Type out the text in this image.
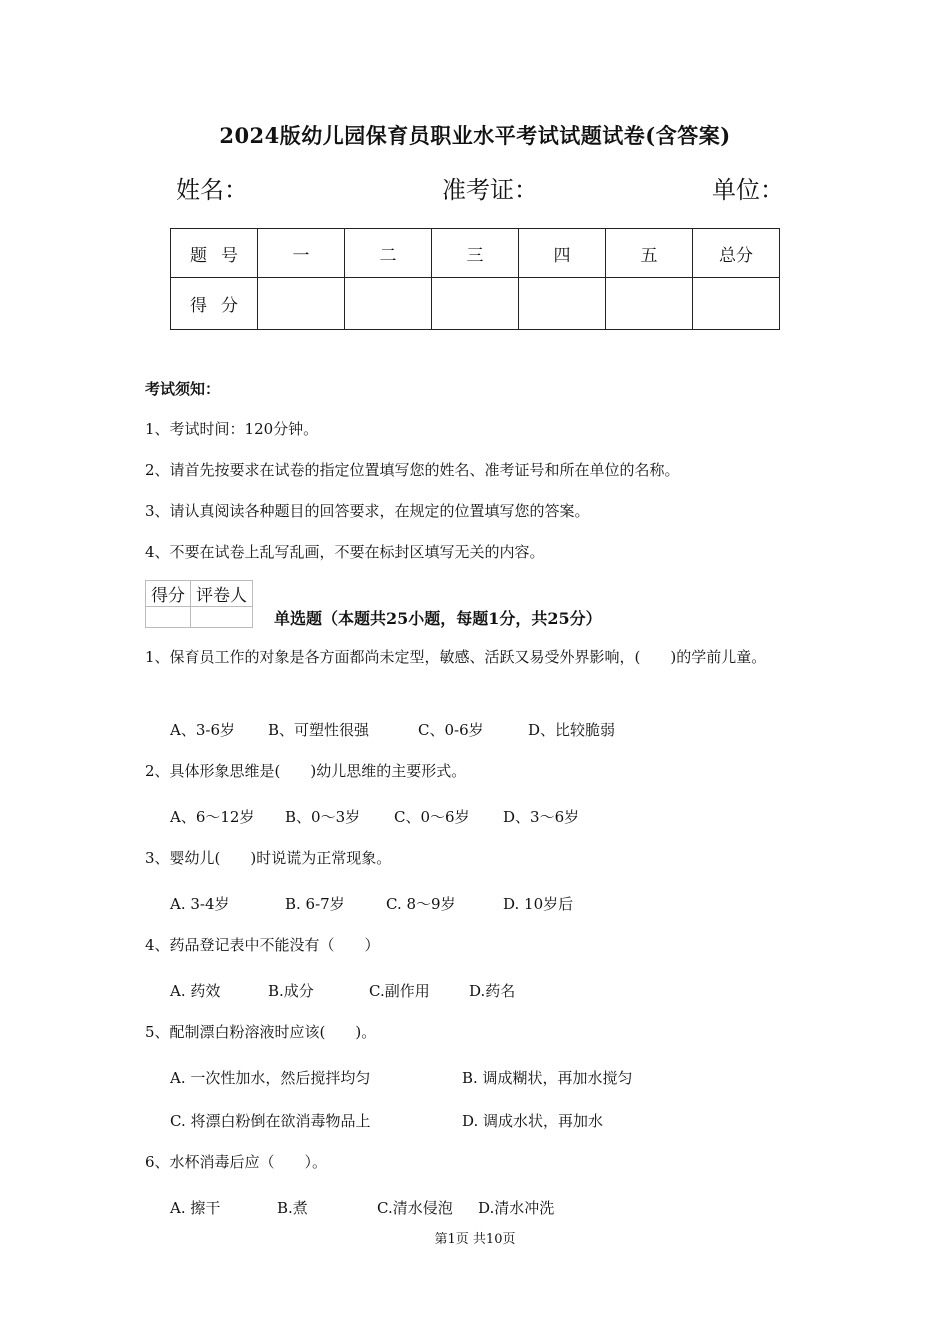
2024版幼儿园保育员职业水平考试试题试卷(含答案)
姓名：	准考证：	单位：
题号	一	二	三	四	五	总分
得分						
考试须知：
1、考试时间：120分钟。
2、请首先按要求在试卷的指定位置填写您的姓名、准考证号和所在单位的名称。
3、请认真阅读各种题目的回答要求，在规定的位置填写您的答案。
4、不要在试卷上乱写乱画，不要在标封区填写无关的内容。
得分	评卷人

单选题（本题共25小题，每题1分，共25分）
1、保育员工作的对象是各方面都尚未定型，敏感、活跃又易受外界影响，(　　)的学前儿童。
A、3-6岁 B、可塑性很强	C、0-6岁	D、比较脆弱
2、具体形象思维是(　　)幼儿思维的主要形式。
A、6～12岁 B、0～3岁 C、0～6岁 D、3～6岁
3、婴幼儿(　　)时说谎为正常现象。
A. 3-4岁	B. 6-7岁	C. 8～9岁	D. 10岁后
4、药品登记表中不能没有（　　）
A. 药效	B.成分	C.副作用	D.药名
5、配制漂白粉溶液时应该(　　)。
A. 一次性加水，然后搅拌均匀	B. 调成糊状，再加水搅匀
C. 将漂白粉倒在欲消毒物品上	D. 调成水状，再加水
6、水杯消毒后应（　　）。
A. 擦干	B.煮	C.清水侵泡 D.清水冲洗
第1页 共10页
